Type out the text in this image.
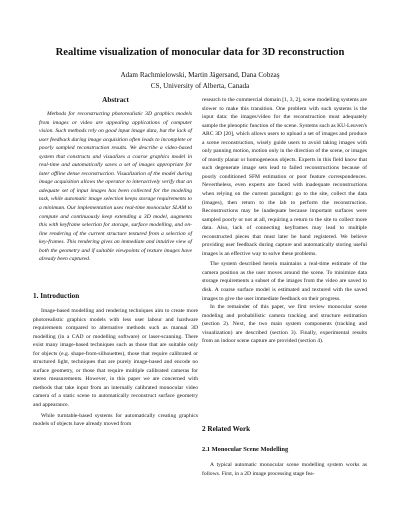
Realtime visualization of monocular data for 3D reconstruction
Adam Rachmielowski, Martin Jägersand, Dana Cobzaş
CS, University of Alberta, Canada
Abstract

Methods for reconstructing photorealistic 3D graphics models from images or video are appealing applications of computer vision. Such methods rely on good input image data, but the lack of user feedback during image acquisition often leads to incomplete or poorly sampled reconstruction results. We describe a video-based system that constructs and visualizes a coarse graphics model in real-time and automatically saves a set of images appropriate for later offline dense reconstruction. Visualization of the model during image acquisition allows the operator to interactively verify that an adequate set of input images has been collected for the modeling task, while automatic image selection keeps storage requirements to a minimum. Our implementation uses real-time monocular SLAM to compute and continuously keep extending a 3D model, augments this with keyframe selection for storage, surface modelling, and on-line rendering of the current structure textured from a selection of key-frames. This rendering gives an immediate and intuitive view of both the geometry and if suitable viewpoints of texture images have already been captured.

1. Introduction

Image-based modelling and rendering techniques aim to create more photorealistic graphics models with less user labour and hardware requirements compared to alternative methods such as manual 3D modelling (in a CAD or modelling software) or laser-scanning. There exist many image-based techniques such as those that are suitable only for objects (e.g. shape-from-silhouettes), those that require calibrated or structured light, techniques that are purely image-based and encode no surface geometry, or those that require multiple calibrated cameras for stereo measurements. However, in this paper we are concerned with methods that take input from an internally calibrated monocular video camera of a static scene to automatically reconstruct surface geometry and appearance.

While turntable-based systems for automatically creating graphics models of objects have already moved from

research to the commercial domain [1, 3, 2], scene modelling systems are slower to make this transition. One problem with such systems is the input data: the images/video for the reconstruction must adequately sample the plenoptic function of the scene. Systems such as KU-Leuven's ARC 3D [20], which allows users to upload a set of images and produce a scene reconstruction, wisely guide users to avoid taking images with only panning motion, motion only in the direction of the scene, or images of mostly planar or homogeneous objects. Experts in this field know that such degenerate image sets lead to failed reconstructions because of poorly conditioned SFM estimation or poor feature correspondences. Nevertheless, even experts are faced with inadequate reconstructions when relying on the current paradigm: go to the site, collect the data (images), then return to the lab to perform the reconstruction. Reconstructions may be inadequate because important surfaces were sampled poorly or not at all, requiring a return to the site to collect more data. Also, lack of connecting keyframes may lead to multiple reconstructed pieces that must later be hand registered. We believe providing user feedback during capture and automatically storing useful images is an effective way to solve these problems.

The system described herein maintains a real-time estimate of the camera position as the user moves around the scene. To minimize data storage requirements a subset of the images from the video are saved to disk. A coarse surface model is estimated and textured with the saved images to give the user immediate feedback on their progress.

In the remainder of this paper, we first review monocular scene modeling and probabilistic camera tracking and structure estimation (section 2). Next, the two main system components (tracking and visualization) are described (section 3). Finally, experimental results from an indoor scene capture are provided (section 4).

2 Related Work
2.1 Monocular Scene Modelling

A typical automatic monocular scene modelling system works as follows. First, in a 2D image processing stage fea-
